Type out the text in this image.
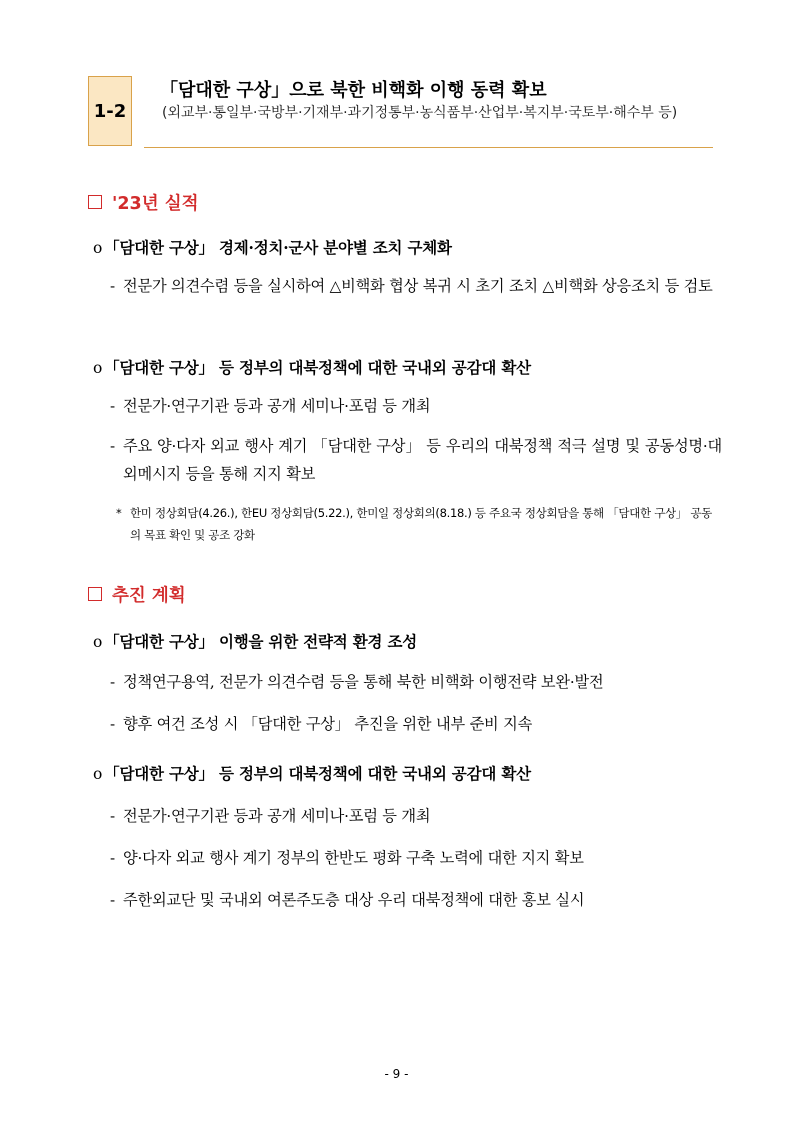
1-2
「담대한 구상」으로 북한 비핵화 이행 동력 확보
(외교부·통일부·국방부·기재부·과기정통부·농식품부·산업부·복지부·국토부·해수부 등)
'23년 실적
o 「담대한 구상」 경제·정치·군사 분야별 조치 구체화
- 전문가 의견수렴 등을 실시하여 △비핵화 협상 복귀 시 초기 조치 △비핵화 상응조치 등 검토
o 「담대한 구상」 등 정부의 대북정책에 대한 국내외 공감대 확산
- 전문가·연구기관 등과 공개 세미나·포럼 등 개최
- 주요 양·다자 외교 행사 계기 「담대한 구상」 등 우리의 대북정책 적극 설명 및 공동성명·대외메시지 등을 통해 지지 확보
* 한미 정상회담(4.26.), 한EU 정상회담(5.22.), 한미일 정상회의(8.18.) 등 주요국 정상회담을 통해 「담대한 구상」 공동의 목표 확인 및 공조 강화
추진 계획
o 「담대한 구상」 이행을 위한 전략적 환경 조성
- 정책연구용역, 전문가 의견수렴 등을 통해 북한 비핵화 이행전략 보완·발전
- 향후 여건 조성 시 「담대한 구상」 추진을 위한 내부 준비 지속
o 「담대한 구상」 등 정부의 대북정책에 대한 국내외 공감대 확산
- 전문가·연구기관 등과 공개 세미나·포럼 등 개최
- 양·다자 외교 행사 계기 정부의 한반도 평화 구축 노력에 대한 지지 확보
- 주한외교단 및 국내외 여론주도층 대상 우리 대북정책에 대한 홍보 실시
- 9 -
